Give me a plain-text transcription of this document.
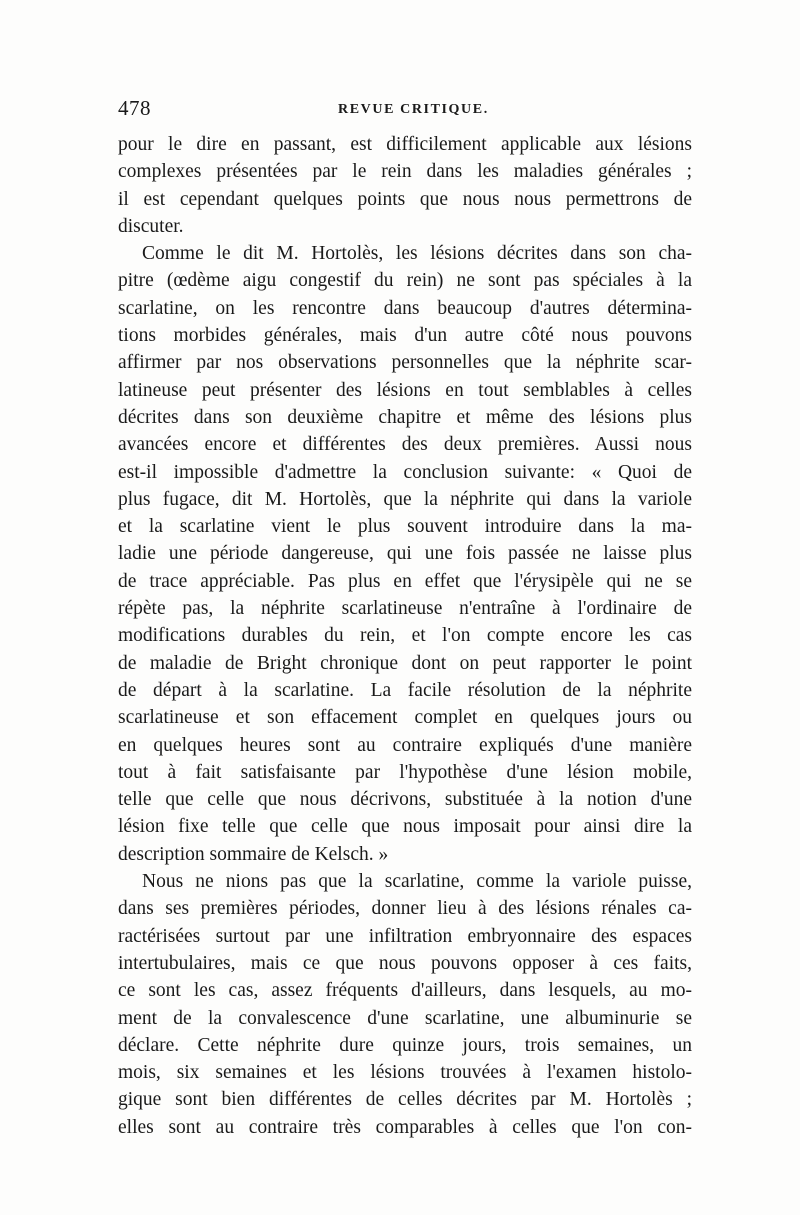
478	REVUE CRITIQUE.
pour le dire en passant, est difficilement applicable aux lésions
complexes présentées par le rein dans les maladies générales ;
il est cependant quelques points que nous nous permettrons de
discuter.
Comme le dit M. Hortolès, les lésions décrites dans son cha-
pitre (œdème aigu congestif du rein) ne sont pas spéciales à la
scarlatine, on les rencontre dans beaucoup d'autres détermina-
tions morbides générales, mais d'un autre côté nous pouvons
affirmer par nos observations personnelles que la néphrite scar-
latineuse peut présenter des lésions en tout semblables à celles
décrites dans son deuxième chapitre et même des lésions plus
avancées encore et différentes des deux premières. Aussi nous
est-il impossible d'admettre la conclusion suivante: « Quoi de
plus fugace, dit M. Hortolès, que la néphrite qui dans la variole
et la scarlatine vient le plus souvent introduire dans la ma-
ladie une période dangereuse, qui une fois passée ne laisse plus
de trace appréciable. Pas plus en effet que l'érysipèle qui ne se
répète pas, la néphrite scarlatineuse n'entraîne à l'ordinaire de
modifications durables du rein, et l'on compte encore les cas
de maladie de Bright chronique dont on peut rapporter le point
de départ à la scarlatine. La facile résolution de la néphrite
scarlatineuse et son effacement complet en quelques jours ou
en quelques heures sont au contraire expliqués d'une manière
tout à fait satisfaisante par l'hypothèse d'une lésion mobile,
telle que celle que nous décrivons, substituée à la notion d'une
lésion fixe telle que celle que nous imposait pour ainsi dire la
description sommaire de Kelsch. »
Nous ne nions pas que la scarlatine, comme la variole puisse,
dans ses premières périodes, donner lieu à des lésions rénales ca-
ractérisées surtout par une infiltration embryonnaire des espaces
intertubulaires, mais ce que nous pouvons opposer à ces faits,
ce sont les cas, assez fréquents d'ailleurs, dans lesquels, au mo-
ment de la convalescence d'une scarlatine, une albuminurie se
déclare. Cette néphrite dure quinze jours, trois semaines, un
mois, six semaines et les lésions trouvées à l'examen histolo-
gique sont bien différentes de celles décrites par M. Hortolès ;
elles sont au contraire très comparables à celles que l'on con-
